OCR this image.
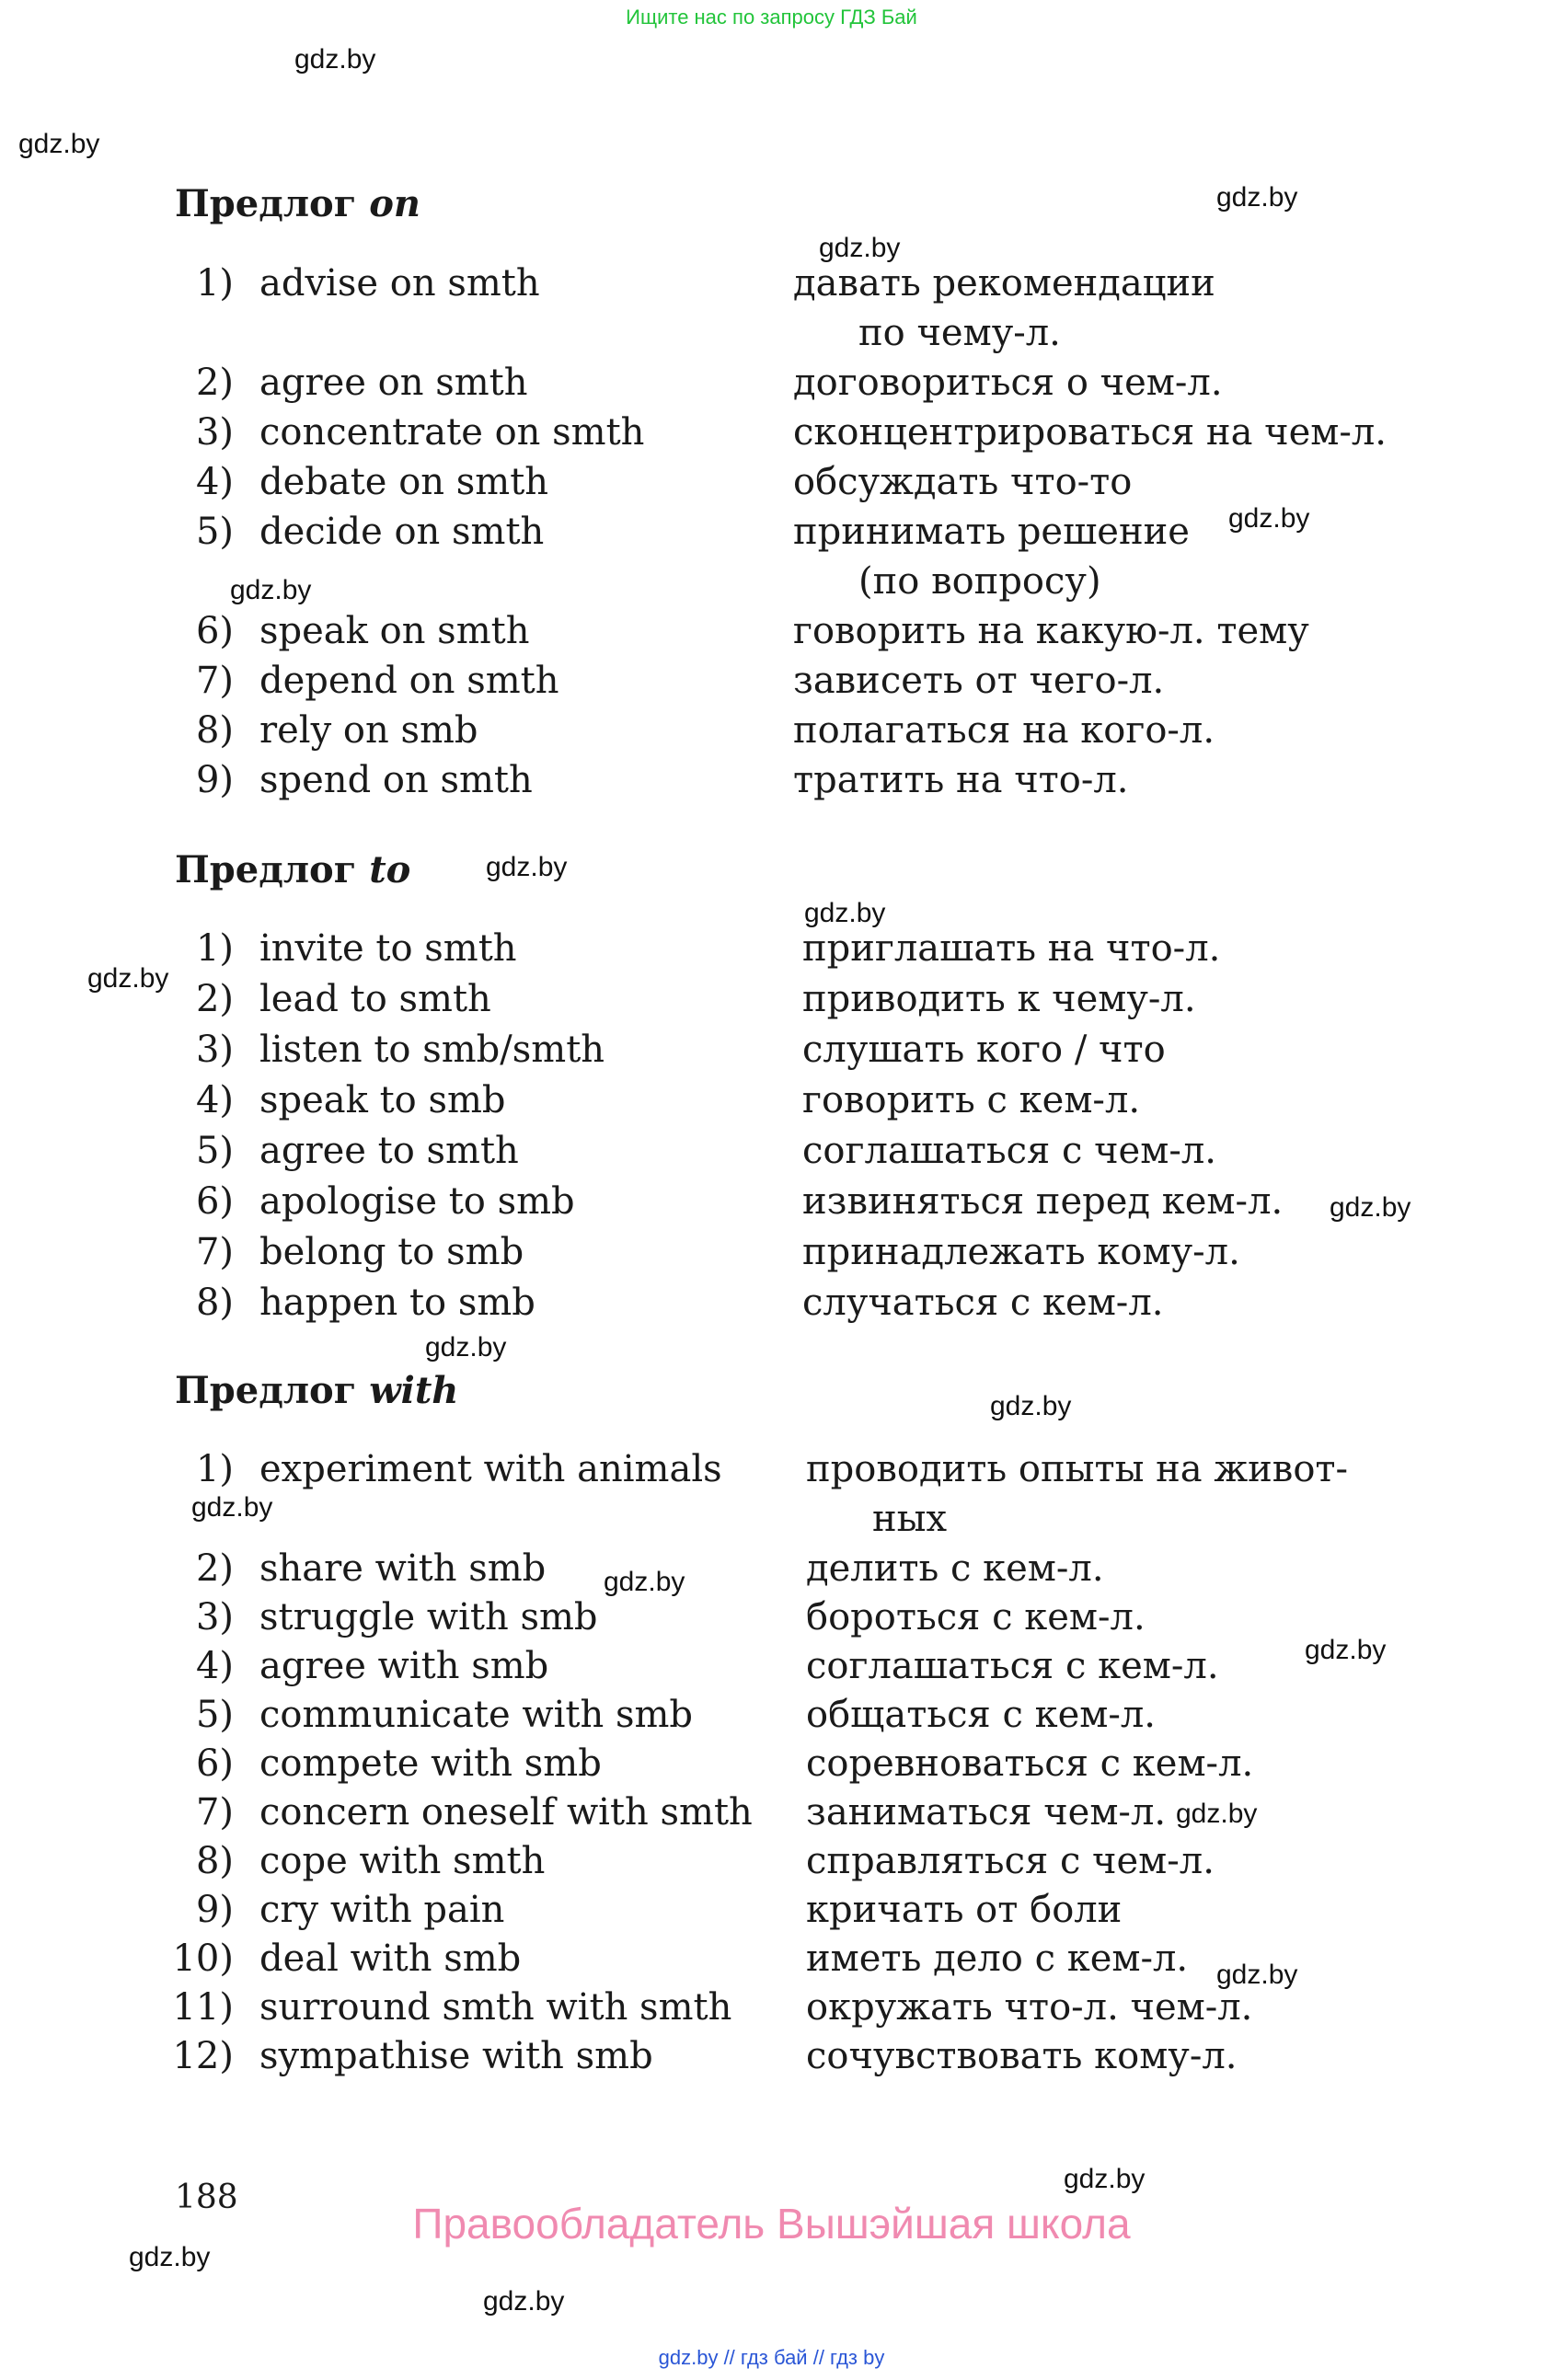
Ищите нас по запросу ГДЗ Бай
gdz.by
gdz.by
gdz.by
gdz.by
gdz.by
gdz.by
gdz.by
gdz.by
gdz.by
gdz.by
gdz.by
gdz.by
gdz.by
gdz.by
gdz.by
gdz.by
gdz.by
gdz.by
gdz.by
gdz.by
Предлог on
1) advise on smth	давать рекомендации
по чему-л.
2) agree on smth	договориться о чем-л.
3) concentrate on smth	сконцентрироваться на чем-л.
4) debate on smth	обсуждать что-то
5) decide on smth	принимать решение
(по вопросу)
6) speak on smth	говорить на какую-л. тему
7) depend on smth	зависеть от чего-л.
8) rely on smb	полагаться на кого-л.
9) spend on smth	тратить на что-л.
Предлог to
1) invite to smth	приглашать на что-л.
2) lead to smth	приводить к чему-л.
3) listen to smb/smth	слушать кого / что
4) speak to smb	говорить с кем-л.
5) agree to smth	соглашаться с чем-л.
6) apologise to smb	извиняться перед кем-л.
7) belong to smb	принадлежать кому-л.
8) happen to smb	случаться с кем-л.
Предлог with
1) experiment with animals проводить опыты на живот-
ных
2) share with smb	делить с кем-л.
3) struggle with smb	бороться с кем-л.
4) agree with smb	соглашаться с кем-л.
5) communicate with smb	общаться с кем-л.
6) compete with smb	соревноваться с кем-л.
7) concern oneself with smth заниматься чем-л.
8) cope with smth	справляться с чем-л.
9) cry with pain	кричать от боли
10) deal with smb	иметь дело с кем-л.
11) surround smth with smth окружать что-л. чем-л.
12) sympathise with smb	сочувствовать кому-л.
188
Правообладатель Вышэйшая школа
gdz.by // гдз бай // гдз by
